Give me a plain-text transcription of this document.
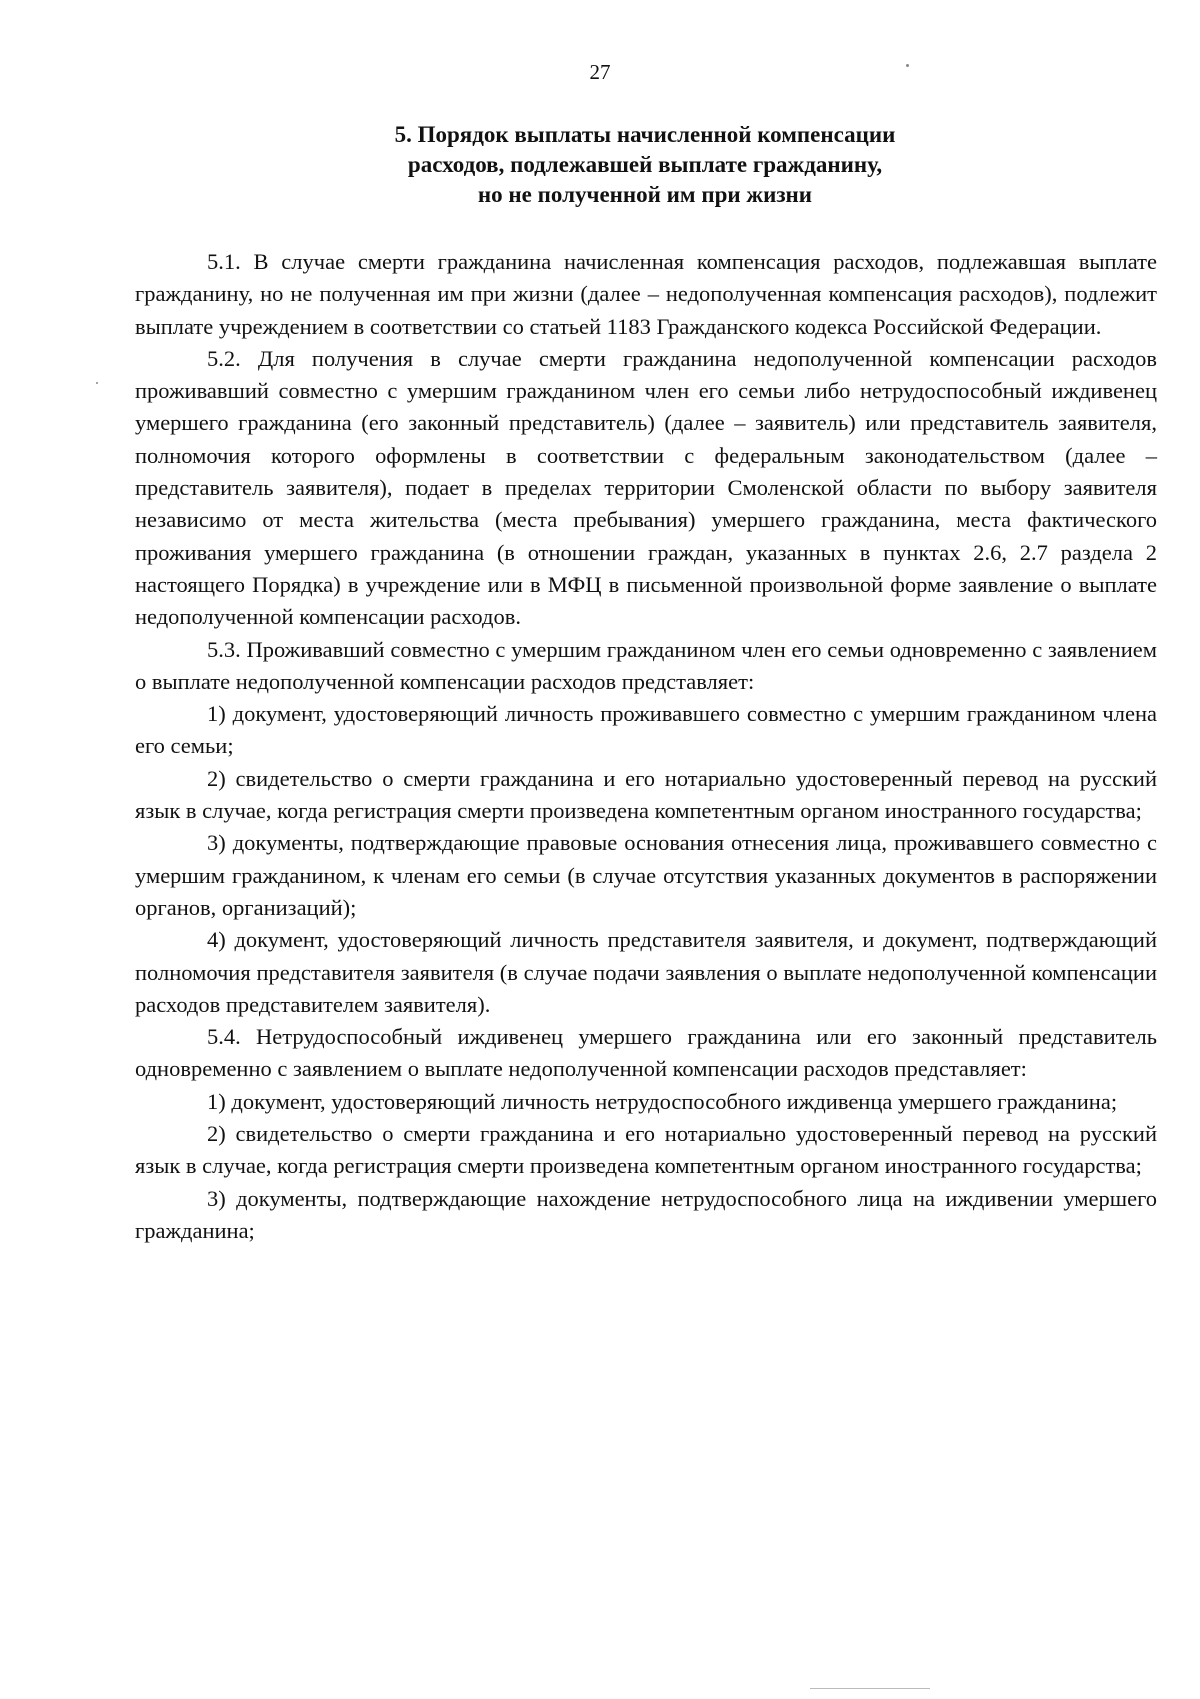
27
5. Порядок выплаты начисленной компенсации
расходов, подлежавшей выплате гражданину,
но не полученной им при жизни

5.1. В случае смерти гражданина начисленная компенсация расходов, подлежавшая выплате гражданину, но не полученная им при жизни (далее – недополученная компенсация расходов), подлежит выплате учреждением в соответствии со статьей 1183 Гражданского кодекса Российской Федерации.

5.2. Для получения в случае смерти гражданина недополученной компенсации расходов проживавший совместно с умершим гражданином член его семьи либо нетрудоспособный иждивенец умершего гражданина (его законный представитель) (далее – заявитель) или представитель заявителя, полномочия которого оформлены в соответствии с федеральным законодательством (далее – представитель заявителя), подает в пределах территории Смоленской области по выбору заявителя независимо от места жительства (места пребывания) умершего гражданина, места фактического проживания умершего гражданина (в отношении граждан, указанных в пунктах 2.6, 2.7 раздела 2 настоящего Порядка) в учреждение или в МФЦ в письменной произвольной форме заявление о выплате недополученной компенсации расходов.

5.3. Проживавший совместно с умершим гражданином член его семьи одновременно с заявлением о выплате недополученной компенсации расходов представляет:

1) документ, удостоверяющий личность проживавшего совместно с умершим гражданином члена его семьи;

2) свидетельство о смерти гражданина и его нотариально удостоверенный перевод на русский язык в случае, когда регистрация смерти произведена компетентным органом иностранного государства;

3) документы, подтверждающие правовые основания отнесения лица, проживавшего совместно с умершим гражданином, к членам его семьи (в случае отсутствия указанных документов в распоряжении органов, организаций);

4) документ, удостоверяющий личность представителя заявителя, и документ, подтверждающий полномочия представителя заявителя (в случае подачи заявления о выплате недополученной компенсации расходов представителем заявителя).

5.4. Нетрудоспособный иждивенец умершего гражданина или его законный представитель одновременно с заявлением о выплате недополученной компенсации расходов представляет:

1) документ, удостоверяющий личность нетрудоспособного иждивенца умершего гражданина;

2) свидетельство о смерти гражданина и его нотариально удостоверенный перевод на русский язык в случае, когда регистрация смерти произведена компетентным органом иностранного государства;

3) документы, подтверждающие нахождение нетрудоспособного лица на иждивении умершего гражданина;
